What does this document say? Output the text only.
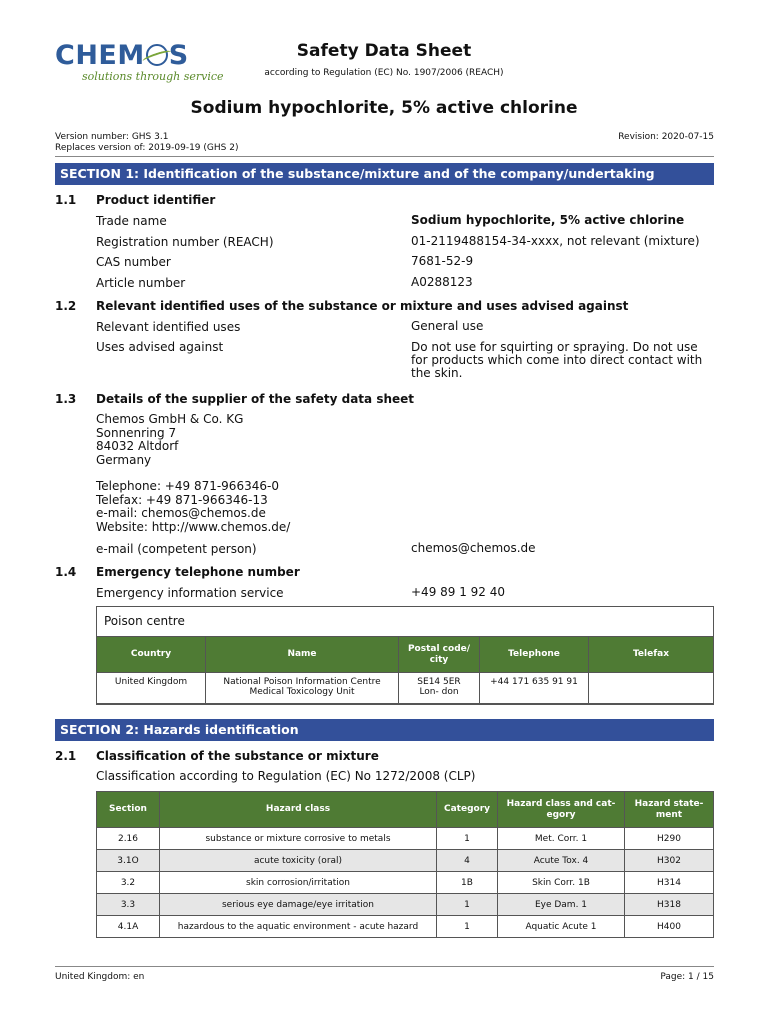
CHEM S
solutions through service
Safety Data Sheet
according to Regulation (EC) No. 1907/2006 (REACH)
Sodium hypochlorite, 5% active chlorine
Version number: GHS 3.1
Replaces version of: 2019-09-19 (GHS 2)
Revision: 2020-07-15
SECTION 1: Identification of the substance/mixture and of the company/undertaking
1.1 Product identifier
Trade name	Sodium hypochlorite, 5% active chlorine
Registration number (REACH)	01-2119488154-34-xxxx, not relevant (mixture)
CAS number	7681-52-9
Article number	A0288123
1.2 Relevant identified uses of the substance or mixture and uses advised against
Relevant identified uses	General use
Uses advised against	Do not use for squirting or spraying. Do not use for products which come into direct contact with the skin.
1.3 Details of the supplier of the safety data sheet
Chemos GmbH & Co. KG
Sonnenring 7
84032 Altdorf
Germany
Telephone: +49 871-966346-0
Telefax: +49 871-966346-13
e-mail: chemos@chemos.de
Website: http://www.chemos.de/
e-mail (competent person)	chemos@chemos.de
1.4 Emergency telephone number
Emergency information service	+49 89 1 92 40
Poison centre
Country	Name	Postal code/ city	Telephone	Telefax
United Kingdom	National Poison Information Centre Medical Toxicology Unit	SE14 5ER Lon- don	+44 171 635 91 91	
SECTION 2: Hazards identification
2.1 Classification of the substance or mixture
Classification according to Regulation (EC) No 1272/2008 (CLP)
Section	Hazard class	Category	Hazard class and cat- egory	Hazard state- ment
2.16	substance or mixture corrosive to metals	1	Met. Corr. 1	H290
3.1O	acute toxicity (oral)	4	Acute Tox. 4	H302
3.2	skin corrosion/irritation	1B	Skin Corr. 1B	H314
3.3	serious eye damage/eye irritation	1	Eye Dam. 1	H318
4.1A	hazardous to the aquatic environment - acute hazard	1	Aquatic Acute 1	H400
United Kingdom: en	Page: 1 / 15
